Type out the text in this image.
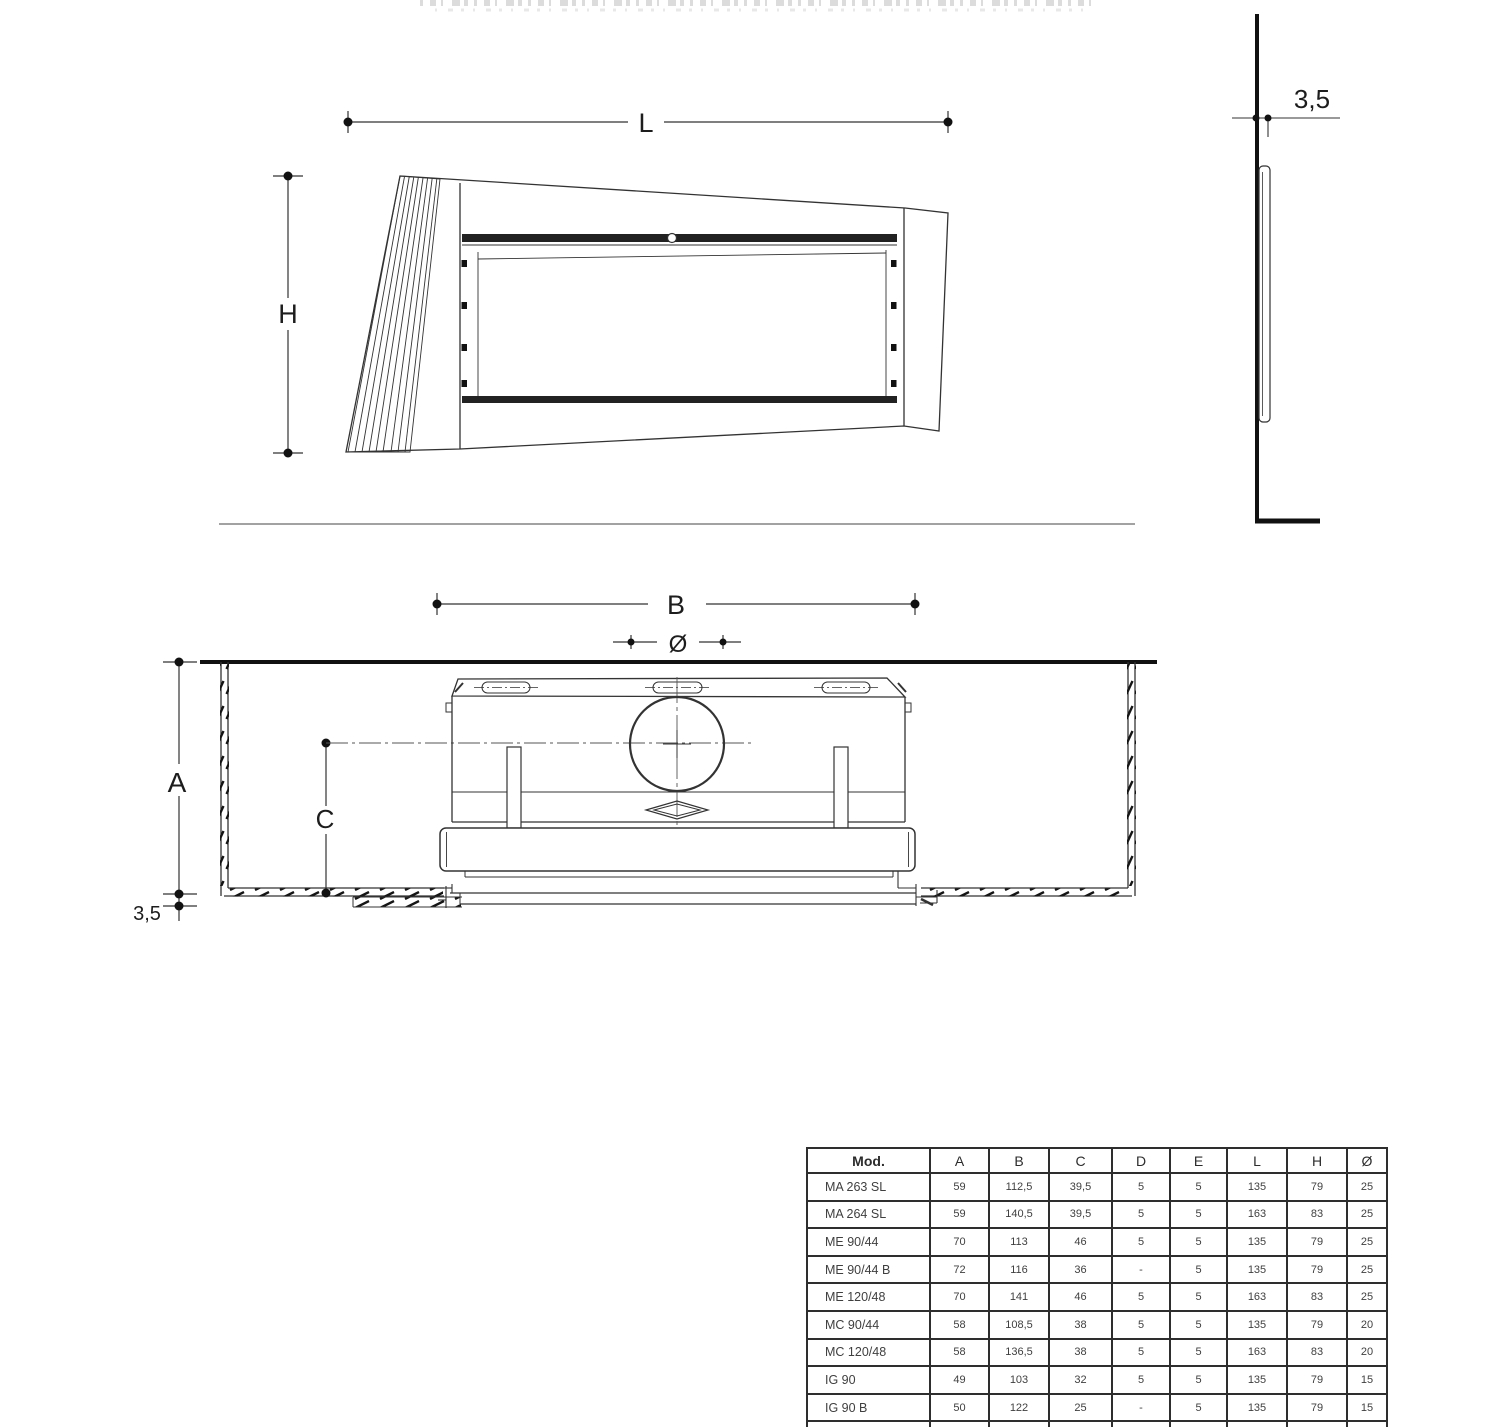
L
H
3,5
B
Ø
A
3,5
C
Mod.	A	B	C	D	E	L	H	Ø
MA 263 SL	59	112,5	39,5	5	5	135	79	25
MA 264 SL	59	140,5	39,5	5	5	163	83	25
ME 90/44	70	113	46	5	5	135	79	25
ME 90/44 B	72	116	36	-	5	135	79	25
ME 120/48	70	141	46	5	5	163	83	25
MC 90/44	58	108,5	38	5	5	135	79	20
MC 120/48	58	136,5	38	5	5	163	83	20
IG 90	49	103	32	5	5	135	79	15
IG 90 B	50	122	25	-	5	135	79	15
